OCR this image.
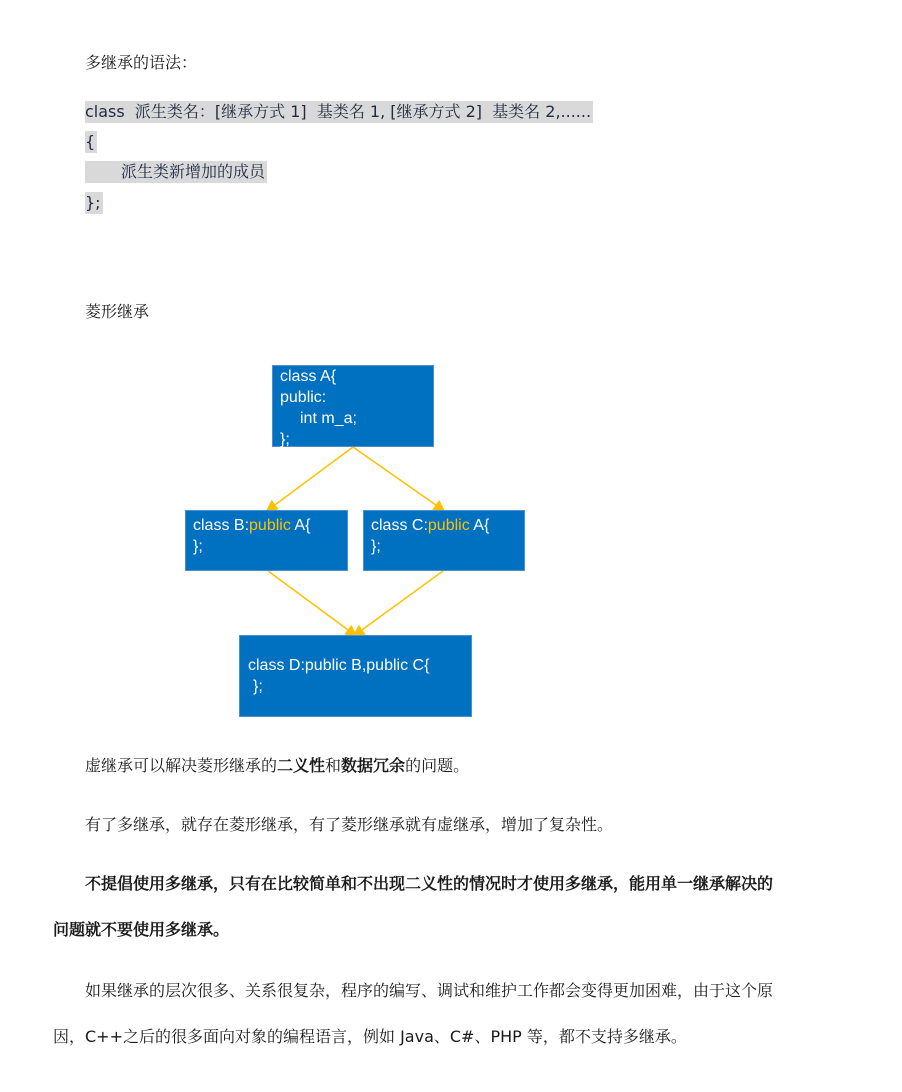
多继承的语法：
class  派生类名：[继承方式 1]  基类名 1, [继承方式 2]  基类名 2,......
{
派生类新增加的成员
};
菱形继承
class A{
public:
int m_a;
};
class B:public A{
};
class C:public A{
};
class D:public B,public C{
};
虚继承可以解决菱形继承的二义性和数据冗余的问题。
有了多继承，就存在菱形继承，有了菱形继承就有虚继承，增加了复杂性。
不提倡使用多继承，只有在比较简单和不出现二义性的情况时才使用多继承，能用单一继承解决的
问题就不要使用多继承。
如果继承的层次很多、关系很复杂，程序的编写、调试和维护工作都会变得更加困难，由于这个原
因，C++之后的很多面向对象的编程语言，例如 Java、C#、PHP 等，都不支持多继承。
